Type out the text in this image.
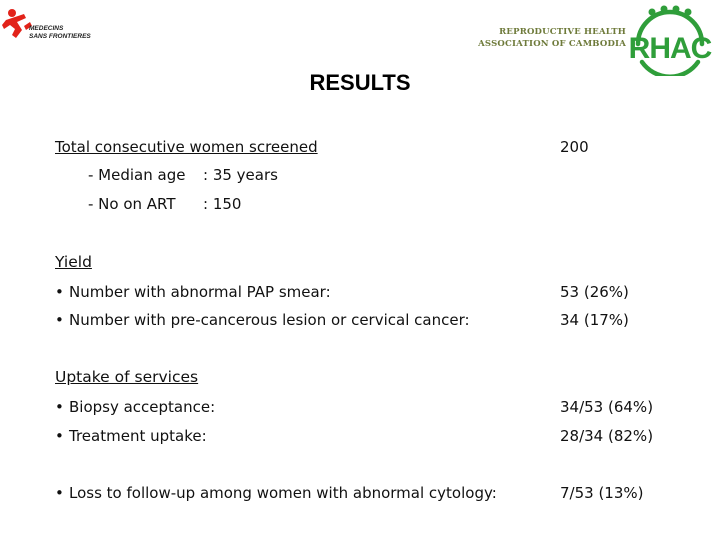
MEDECINS
SANS FRONTIERES	REPRODUCTIVE HEALTH
ASSOCIATION OF CAMBODIA RHAC
RESULTS
Total consecutive women screened	200
- Median age : 35 years
- No on ART : 150
Yield
• Number with abnormal PAP smear:	53 (26%)
• Number with pre-cancerous lesion or cervical cancer:	34 (17%)
Uptake of services
• Biopsy acceptance:	34/53 (64%)
• Treatment uptake:	28/34 (82%)
• Loss to follow-up among women with abnormal cytology:	7/53 (13%)
